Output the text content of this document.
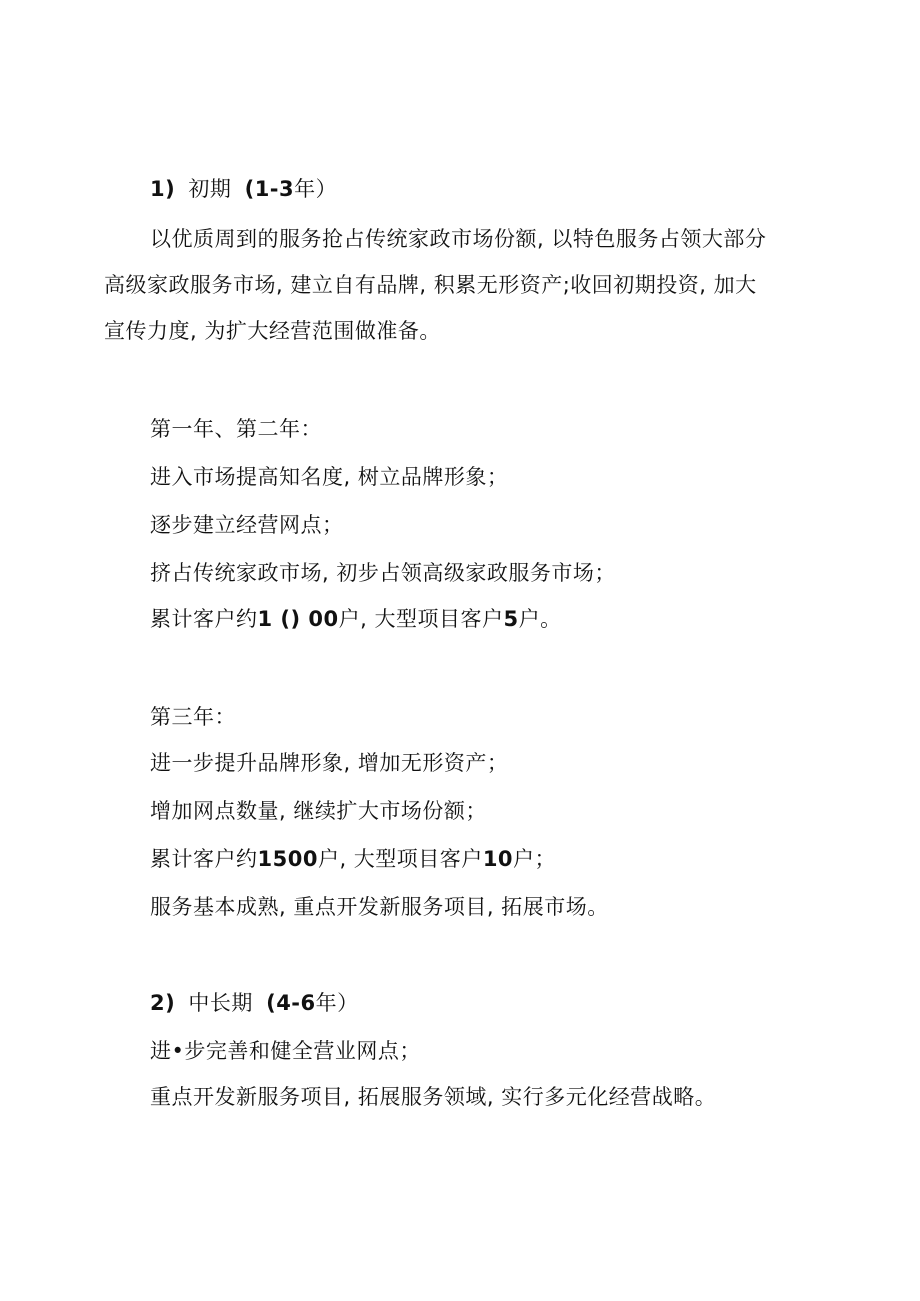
1) 初期 (1-3年）
以优质周到的服务抢占传统家政市场份额, 以特色服务占领大部分
高级家政服务市场, 建立自有品牌, 积累无形资产;收回初期投资, 加大
宣传力度, 为扩大经营范围做准备。
第一年、第二年：
进入市场提高知名度, 树立品牌形象；
逐步建立经营网点；
挤占传统家政市场, 初步占领高级家政服务市场；
累计客户约1 () 00户, 大型项目客户5户。
第三年：
进一步提升品牌形象, 增加无形资产；
增加网点数量, 继续扩大市场份额；
累计客户约1500户, 大型项目客户10户；
服务基本成熟, 重点开发新服务项目, 拓展市场。
2) 中长期 (4-6年）
进•步完善和健全营业网点；
重点开发新服务项目, 拓展服务领域, 实行多元化经营战略。
